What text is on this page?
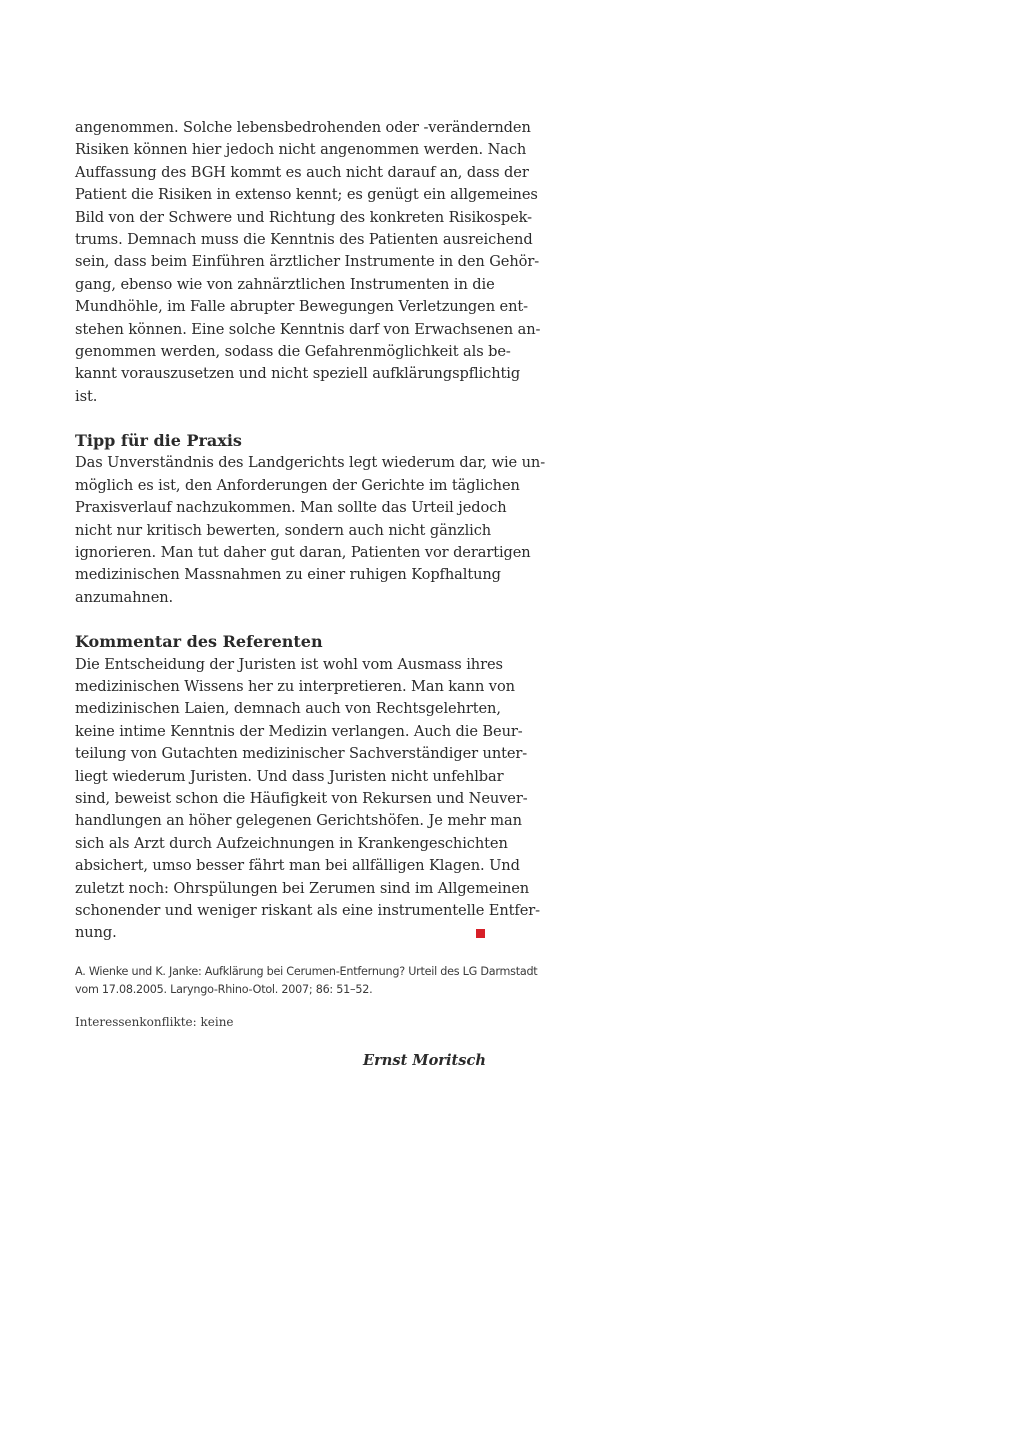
angenommen. Solche lebensbedrohenden oder -verändernden
Risiken können hier jedoch nicht angenommen werden. Nach
Auffassung des BGH kommt es auch nicht darauf an, dass der
Patient die Risiken in extenso kennt; es genügt ein allgemeines
Bild von der Schwere und Richtung des konkreten Risikospek-
trums. Demnach muss die Kenntnis des Patienten ausreichend
sein, dass beim Einführen ärztlicher Instrumente in den Gehör-
gang, ebenso wie von zahnärztlichen Instrumenten in die
Mundhöhle, im Falle abrupter Bewegungen Verletzungen ent-
stehen können. Eine solche Kenntnis darf von Erwachsenen an-
genommen werden, sodass die Gefahrenmöglichkeit als be-
kannt vorauszusetzen und nicht speziell aufklärungspflichtig
ist.
Tipp für die Praxis
Das Unverständnis des Landgerichts legt wiederum dar, wie un-
möglich es ist, den Anforderungen der Gerichte im täglichen
Praxisverlauf nachzukommen. Man sollte das Urteil jedoch
nicht nur kritisch bewerten, sondern auch nicht gänzlich
ignorieren. Man tut daher gut daran, Patienten vor derartigen
medizinischen Massnahmen zu einer ruhigen Kopfhaltung
anzumahnen.
Kommentar des Referenten
Die Entscheidung der Juristen ist wohl vom Ausmass ihres
medizinischen Wissens her zu interpretieren. Man kann von
medizinischen Laien, demnach auch von Rechtsgelehrten,
keine intime Kenntnis der Medizin verlangen. Auch die Beur-
teilung von Gutachten medizinischer Sachverständiger unter-
liegt wiederum Juristen. Und dass Juristen nicht unfehlbar
sind, beweist schon die Häufigkeit von Rekursen und Neuver-
handlungen an höher gelegenen Gerichtshöfen. Je mehr man
sich als Arzt durch Aufzeichnungen in Krankengeschichten
absichert, umso besser fährt man bei allfälligen Klagen. Und
zuletzt noch: Ohrspülungen bei Zerumen sind im Allgemeinen
schonender und weniger riskant als eine instrumentelle Entfer-
nung.
A. Wienke und K. Janke: Aufklärung bei Cerumen-Entfernung? Urteil des LG Darmstadt
vom 17.08.2005. Laryngo-Rhino-Otol. 2007; 86: 51–52.
Interessenkonflikte: keine
Ernst Moritsch
